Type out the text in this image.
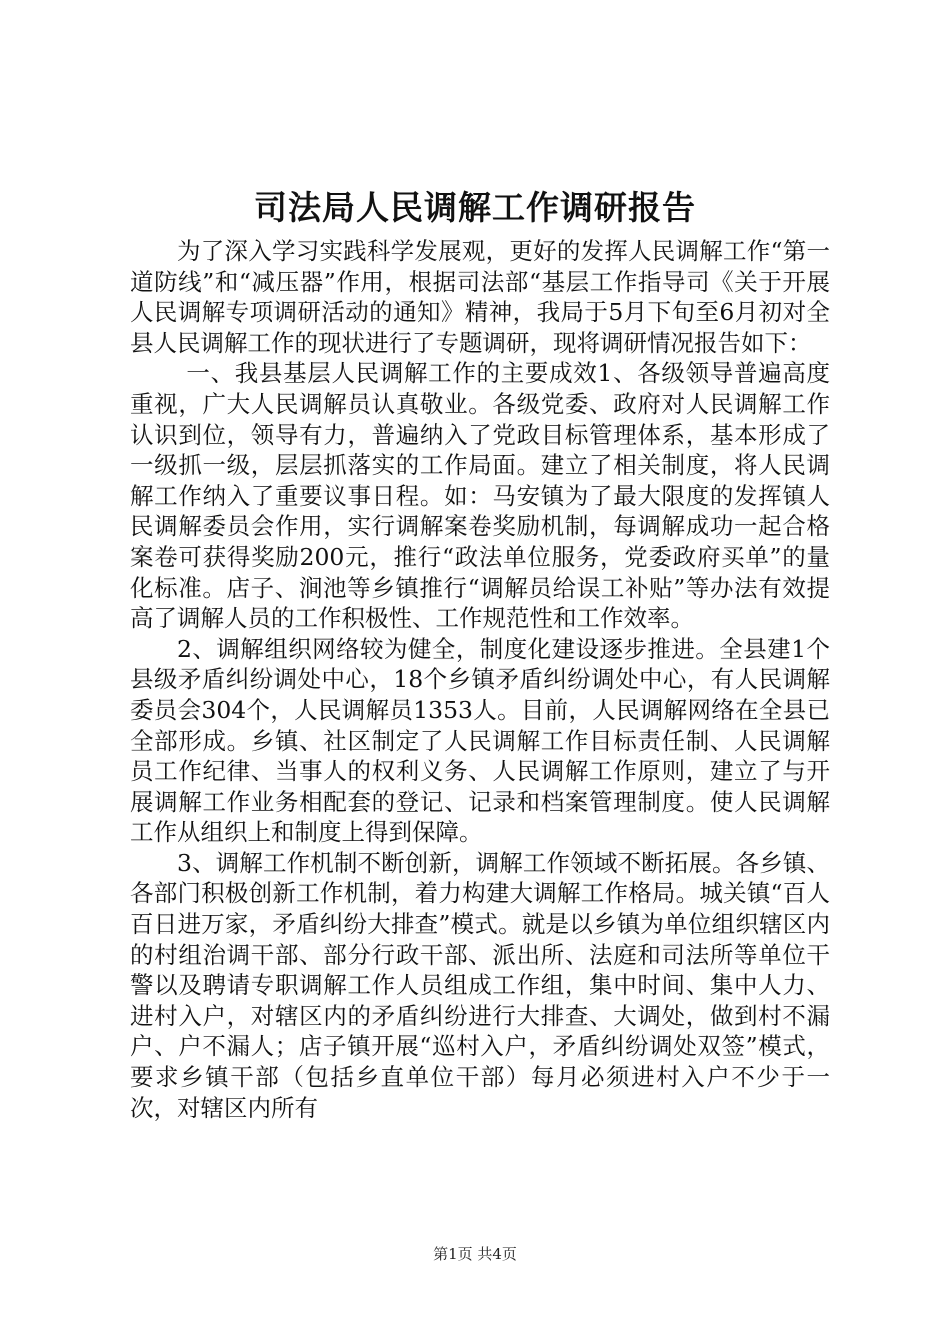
司法局人民调解工作调研报告

为了深入学习实践科学发展观，更好的发挥人民调解工作“第一道防线”和“减压器”作用，根据司法部“基层工作指导司《关于开展人民调解专项调研活动的通知》精神，我局于5月下旬至6月初对全县人民调解工作的现状进行了专题调研，现将调研情况报告如下：

一、我县基层人民调解工作的主要成效1、各级领导普遍高度重视，广大人民调解员认真敬业。各级党委、政府对人民调解工作认识到位，领导有力，普遍纳入了党政目标管理体系，基本形成了一级抓一级，层层抓落实的工作局面。建立了相关制度，将人民调解工作纳入了重要议事日程。如：马安镇为了最大限度的发挥镇人民调解委员会作用，实行调解案卷奖励机制，每调解成功一起合格案卷可获得奖励200元，推行“政法单位服务，党委政府买单”的量化标准。店子、涧池等乡镇推行“调解员给误工补贴”等办法有效提高了调解人员的工作积极性、工作规范性和工作效率。

2、调解组织网络较为健全，制度化建设逐步推进。全县建1个县级矛盾纠纷调处中心，18个乡镇矛盾纠纷调处中心，有人民调解委员会304个，人民调解员1353人。目前，人民调解网络在全县已全部形成。乡镇、社区制定了人民调解工作目标责任制、人民调解员工作纪律、当事人的权利义务、人民调解工作原则，建立了与开展调解工作业务相配套的登记、记录和档案管理制度。使人民调解工作从组织上和制度上得到保障。

3、调解工作机制不断创新，调解工作领域不断拓展。各乡镇、各部门积极创新工作机制，着力构建大调解工作格局。城关镇“百人百日进万家，矛盾纠纷大排查”模式。就是以乡镇为单位组织辖区内的村组治调干部、部分行政干部、派出所、法庭和司法所等单位干警以及聘请专职调解工作人员组成工作组，集中时间、集中人力、进村入户，对辖区内的矛盾纠纷进行大排查、大调处，做到村不漏户、户不漏人；店子镇开展“巡村入户，矛盾纠纷调处双签”模式，要求乡镇干部（包括乡直单位干部）每月必须进村入户不少于一次，对辖区内所有

第1页 共4页
